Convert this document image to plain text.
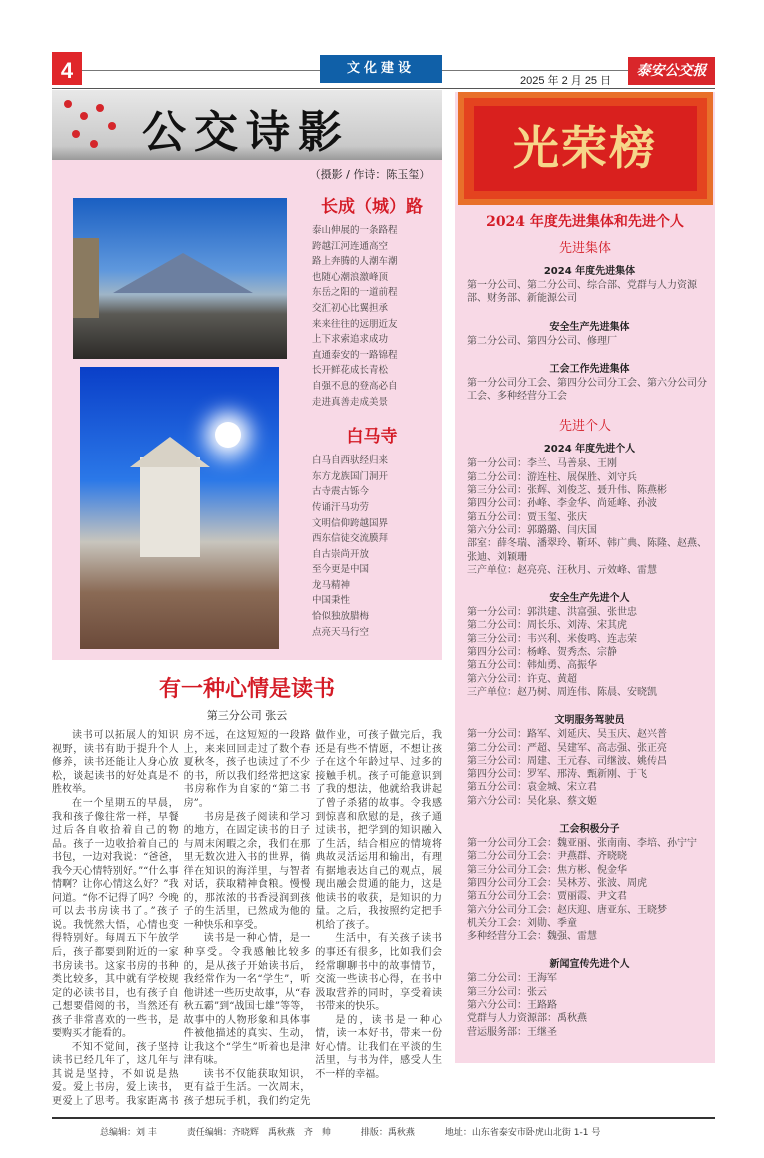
4	文化建设
2025 年 2 月 25 日
泰安公交报
公交诗影
（摄影 / 作诗：陈玉玺）
长成（城）路
泰山伸展的一条路程
跨越江河连通高空
路上奔腾的人潮车潮
也随心潮浪激峰顶
东岳之阳的一道前程
交汇初心比翼担承
来来往往的远朋近友
上下求索追求成功
直通泰安的一路锦程
长开鲜花成长青松
自强不息的登高必自
走进真善走成美景
白马寺
白马自西驮经归来
东方龙族国门洞开
古寺震古铄今
传诵汗马功劳
文明信仰跨越国界
西东信徒交流膜拜
自古崇尚开放
至今更是中国
龙马精神
中国秉性
恰似独放腊梅
点亮天马行空
有一种心情是读书
第三分公司 张云

读书可以拓展人的知识视野，读书有助于提升个人修养，读书还能让人身心放松，谈起读书的好处真是不胜枚举。

在一个星期五的早晨，我和孩子像往常一样，早餐过后各自收拾着自己的物品。孩子一边收拾着自己的书包，一边对我说：“爸爸，我今天心情特别好。”“什么事情啊？让你心情这么好？”我问道。“你不记得了吗？今晚可以去书房读书了。”孩子说。我恍然大悟，心情也变得特别好。每周五下午放学后，孩子都要到附近的一家书房读书。这家书房的书种类比较多，其中就有学校规定的必读书目，也有孩子自己想要借阅的书，当然还有孩子非常喜欢的一些书，是要购买才能看的。

不知不觉间，孩子坚持读书已经几年了，这几年与其说是坚持，不如说是热爱。爱上书房，爱上读书，更爱上了思考。我家距离书房不远，在这短短的一段路上，来来回回走过了数个春夏秋冬，孩子也读过了不少的书，所以我们经常把这家书房称作为自家的“第二书房”。

书房是孩子阅读和学习的地方，在固定读书的日子与周末闲暇之余，我们在那里无数次进入书的世界，徜徉在知识的海洋里，与智者对话，获取精神食粮。慢慢的，那浓浓的书香浸润到孩子的生活里，已然成为他的一种快乐和享受。

读书是一种心情，是一种享受。令我感触比较多的，是从孩子开始读书后，我经常作为一名“学生”，听他讲述一些历史故事，从“春秋五霸”到“战国七雄”等等，故事中的人物形象和具体事件被他描述的真实、生动，让我这个“学生”听着也是津津有味。

读书不仅能获取知识，更有益于生活。一次周末，孩子想玩手机，我们约定先做作业，可孩子做完后，我还是有些不情愿，不想让孩子在这个年龄过早、过多的接触手机。孩子可能意识到了我的想法，他就给我讲起了曾子杀猪的故事。令我感到惊喜和欣慰的是，孩子通过读书，把学到的知识融入了生活，结合相应的情境将典故灵活运用和输出，有理有据地表达自己的观点，展现出融会贯通的能力，这是他读书的收获，是知识的力量。之后，我按照约定把手机给了孩子。

生活中，有关孩子读书的事还有很多，比如我们会经常聊聊书中的故事情节，交流一些读书心得，在书中汲取营养的同时，享受着读书带来的快乐。

是的，读书是一种心情，读一本好书，带来一份好心情。让我们在平淡的生活里，与书为伴，感受人生不一样的幸福。

光荣榜
2024 年度先进集体和先进个人
先进集体
2024 年度先进集体
第一分公司、第二分公司、综合部、党群与人力资源部、财务部、新能源公司
安全生产先进集体
第二分公司、第四分公司、修理厂
工会工作先进集体
第一分公司分工会、第四分公司分工会、第六分公司分工会、多种经营分工会
先进个人
2024 年度先进个人
第一分公司：李兰、马善泉、王刚
第二分公司：游连柱、展保胜、刘守兵
第三分公司：张辉、刘俊芝、聂升伟、陈燕彬
第四分公司：孙峰、李金华、尚延峰、孙波
第五分公司：贾玉玺、张庆
第六分公司：郭璐璐、闫庆国
部室：薛冬瑞、潘翠玲、靳环、韩广典、陈隆、赵燕、张迪、刘颖珊
三产单位：赵亮亮、汪秋月、亓效峰、雷慧
安全生产先进个人
第一分公司：郭洪建、洪富强、张世忠
第二分公司：周长乐、刘涛、宋其虎
第三分公司：韦兴利、米俊鸣、连志荣
第四分公司：杨峰、贺秀杰、宗静
第五分公司：韩灿勇、高振华
第六分公司：许克、黄超
三产单位：赵乃树、周连伟、陈晨、安晓凯
文明服务驾驶员
第一分公司：路军、刘延庆、吴玉庆、赵兴普
第二分公司：严超、吴建军、高志强、张正亮
第三分公司：周建、王元春、司继波、姚传昌
第四分公司：罗军、邢涛、甄新刚、于飞
第五分公司：袁金城、宋立君
第六分公司：吴化泉、蔡文姬
工会积极分子
第一分公司分工会：魏亚丽、张南南、李培、孙宁宁
第二分公司分工会：尹燕群、齐晓晓
第三分公司分工会：焦方彬、倪金华
第四分公司分工会：吴林芳、张波、周虎
第五分公司分工会：贾丽霞、尹文君
第六分公司分工会：赵庆迎、唐亚东、王晓梦
机关分工会：刘勋、季童
多种经营分工会：魏强、雷慧
新闻宣传先进个人
第二分公司：王海军
第三分公司：张云
第六分公司：王路路
党群与人力资源部：禹秋燕
营运服务部：王继圣
总编辑：刘 丰	责任编辑：齐晓辉　禹秋燕　齐　帅	排版：禹秋燕	地址：山东省泰安市卧虎山北街 1-1 号
